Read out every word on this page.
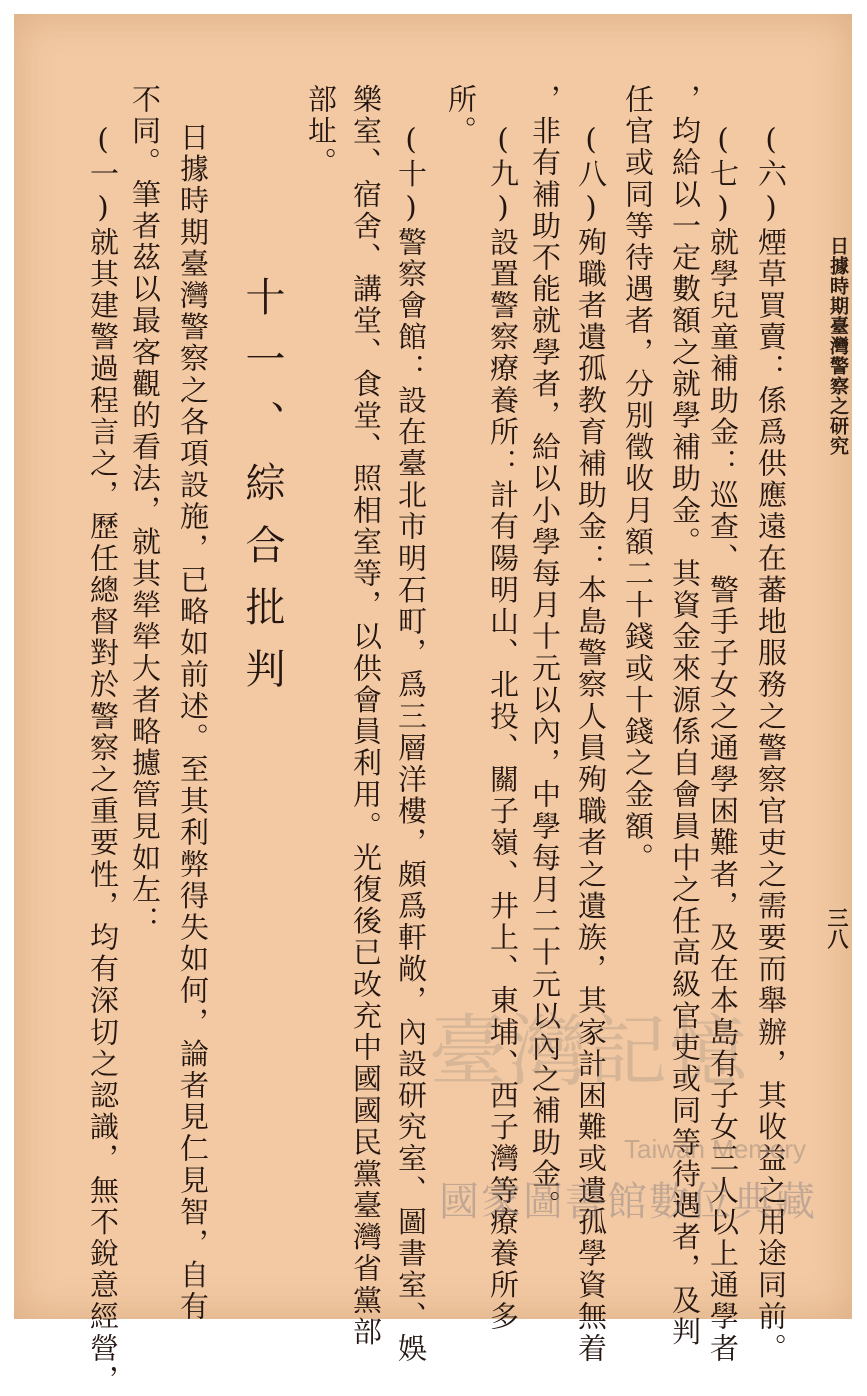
日據時期臺灣警察之研究
三八
(六)煙草買賣：係爲供應遠在蕃地服務之警察官吏之需要而舉辦，其收益之用途同前。
(七)就學兒童補助金：巡查、警手子女之通學困難者，及在本島有子女三人以上通學者
，均給以一定數額之就學補助金。其資金來源係自會員中之任高級官吏或同等待遇者，及判
任官或同等待遇者，分別徵收月額二十錢或十錢之金額。
(八)殉職者遺孤教育補助金：本島警察人員殉職者之遺族，其家計困難或遺孤學資無着
，非有補助不能就學者，給以小學每月十元以內，中學每月二十元以內之補助金。
(九)設置警察療養所：計有陽明山、北投、關子嶺、井上、東埔、西子灣等療養所多
所。
(十)警察會館：設在臺北市明石町，爲三層洋樓，頗爲軒敞，內設研究室、圖書室、娛
樂室、宿舍、講堂、食堂、照相室等，以供會員利用。光復後已改充中國國民黨臺灣省黨部
部址。
十一、綜合批判
日據時期臺灣警察之各項設施，已略如前述。至其利弊得失如何，論者見仁見智，自有
不同。筆者茲以最客觀的看法，就其犖犖大者略攄管見如左：
(一)就其建警過程言之，歷任總督對於警察之重要性，均有深切之認識，無不銳意經營，	臺灣記憶
Taiwan Memory
國家圖書館數位典藏
